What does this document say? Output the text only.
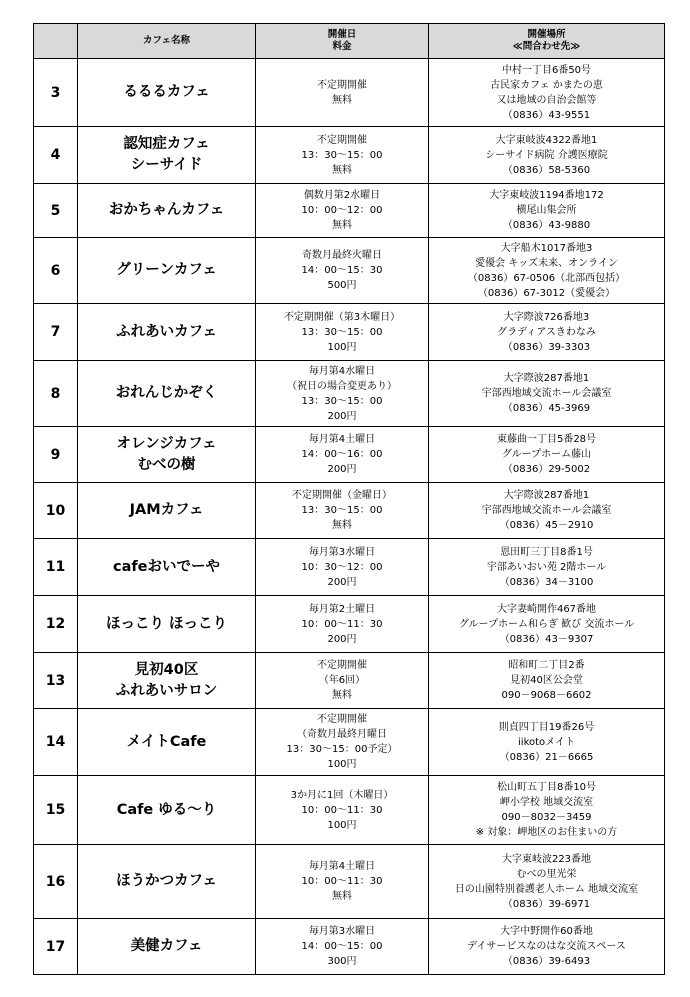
	カフェ名称	開催日
料金	開催場所
≪問合わせ先≫

3	るるるカフェ	不定期開催
無料	中村一丁目6番50号
古民家カフェ かまたの恵
又は地域の自治会館等
（0836）43-9551

4	認知症カフェ
シーサイド	不定期開催
13：30～15：00
無料	大字東岐波4322番地1
シーサイド病院 介護医療院
（0836）58-5360

5	おかちゃんカフェ	偶数月第2水曜日
10：00～12：00
無料	大字東岐波1194番地172
横尾山集会所
（0836）43-9880

6	グリーンカフェ	奇数月最終火曜日
14：00～15：30
500円	大字船木1017番地3
愛優会 キッズ未来、オンライン
（0836）67-0506（北部西包括）
（0836）67-3012（愛優会）

7	ふれあいカフェ	不定期開催（第3木曜日）
13：30～15：00
100円	大字際波726番地3
グラディアスきわなみ
（0836）39-3303

8	おれんじかぞく	毎月第4水曜日
（祝日の場合変更あり）
13：30～15：00
200円	大字際波287番地1
宇部西地域交流ホール会議室
（0836）45-3969

9	オレンジカフェ
むべの樹	毎月第4土曜日
14：00～16：00
200円	東藤曲一丁目5番28号
グループホーム藤山
（0836）29-5002

10	JAMカフェ	不定期開催（金曜日）
13：30～15：00
無料	大字際波287番地1
宇部西地域交流ホール会議室
（0836）45－2910

11	cafeおいでーや	毎月第3水曜日
10：30～12：00
200円	恩田町三丁目8番1号
宇部あいおい苑 2階ホール
（0836）34－3100

12	ほっこり ほっこり	毎月第2土曜日
10：00～11：30
200円	大字妻崎開作467番地
グループホーム和らぎ 歓び 交流ホール
（0836）43－9307

13	見初40区
ふれあいサロン	不定期開催
（年6回）
無料	昭和町二丁目2番
見初40区公会堂
090－9068－6602

14	メイトCafe	不定期開催
（奇数月最終月曜日
13：30～15：00予定）
100円	則貞四丁目19番26号
iikotoメイト
（0836）21－6665

15	Cafe ゆる～り	3か月に1回（木曜日）
10：00～11：30
100円	松山町五丁目8番10号
岬小学校 地域交流室
090－8032－3459
※ 対象：岬地区のお住まいの方

16	ほうかつカフェ	毎月第4土曜日
10：00～11：30
無料	大字東岐波223番地
むべの里光栄
日の山園特別養護老人ホーム 地域交流室
（0836）39-6971

17	美健カフェ	毎月第3水曜日
14：00～15：00
300円	大字中野開作60番地
デイサービスなのはな交流スペース
（0836）39-6493
